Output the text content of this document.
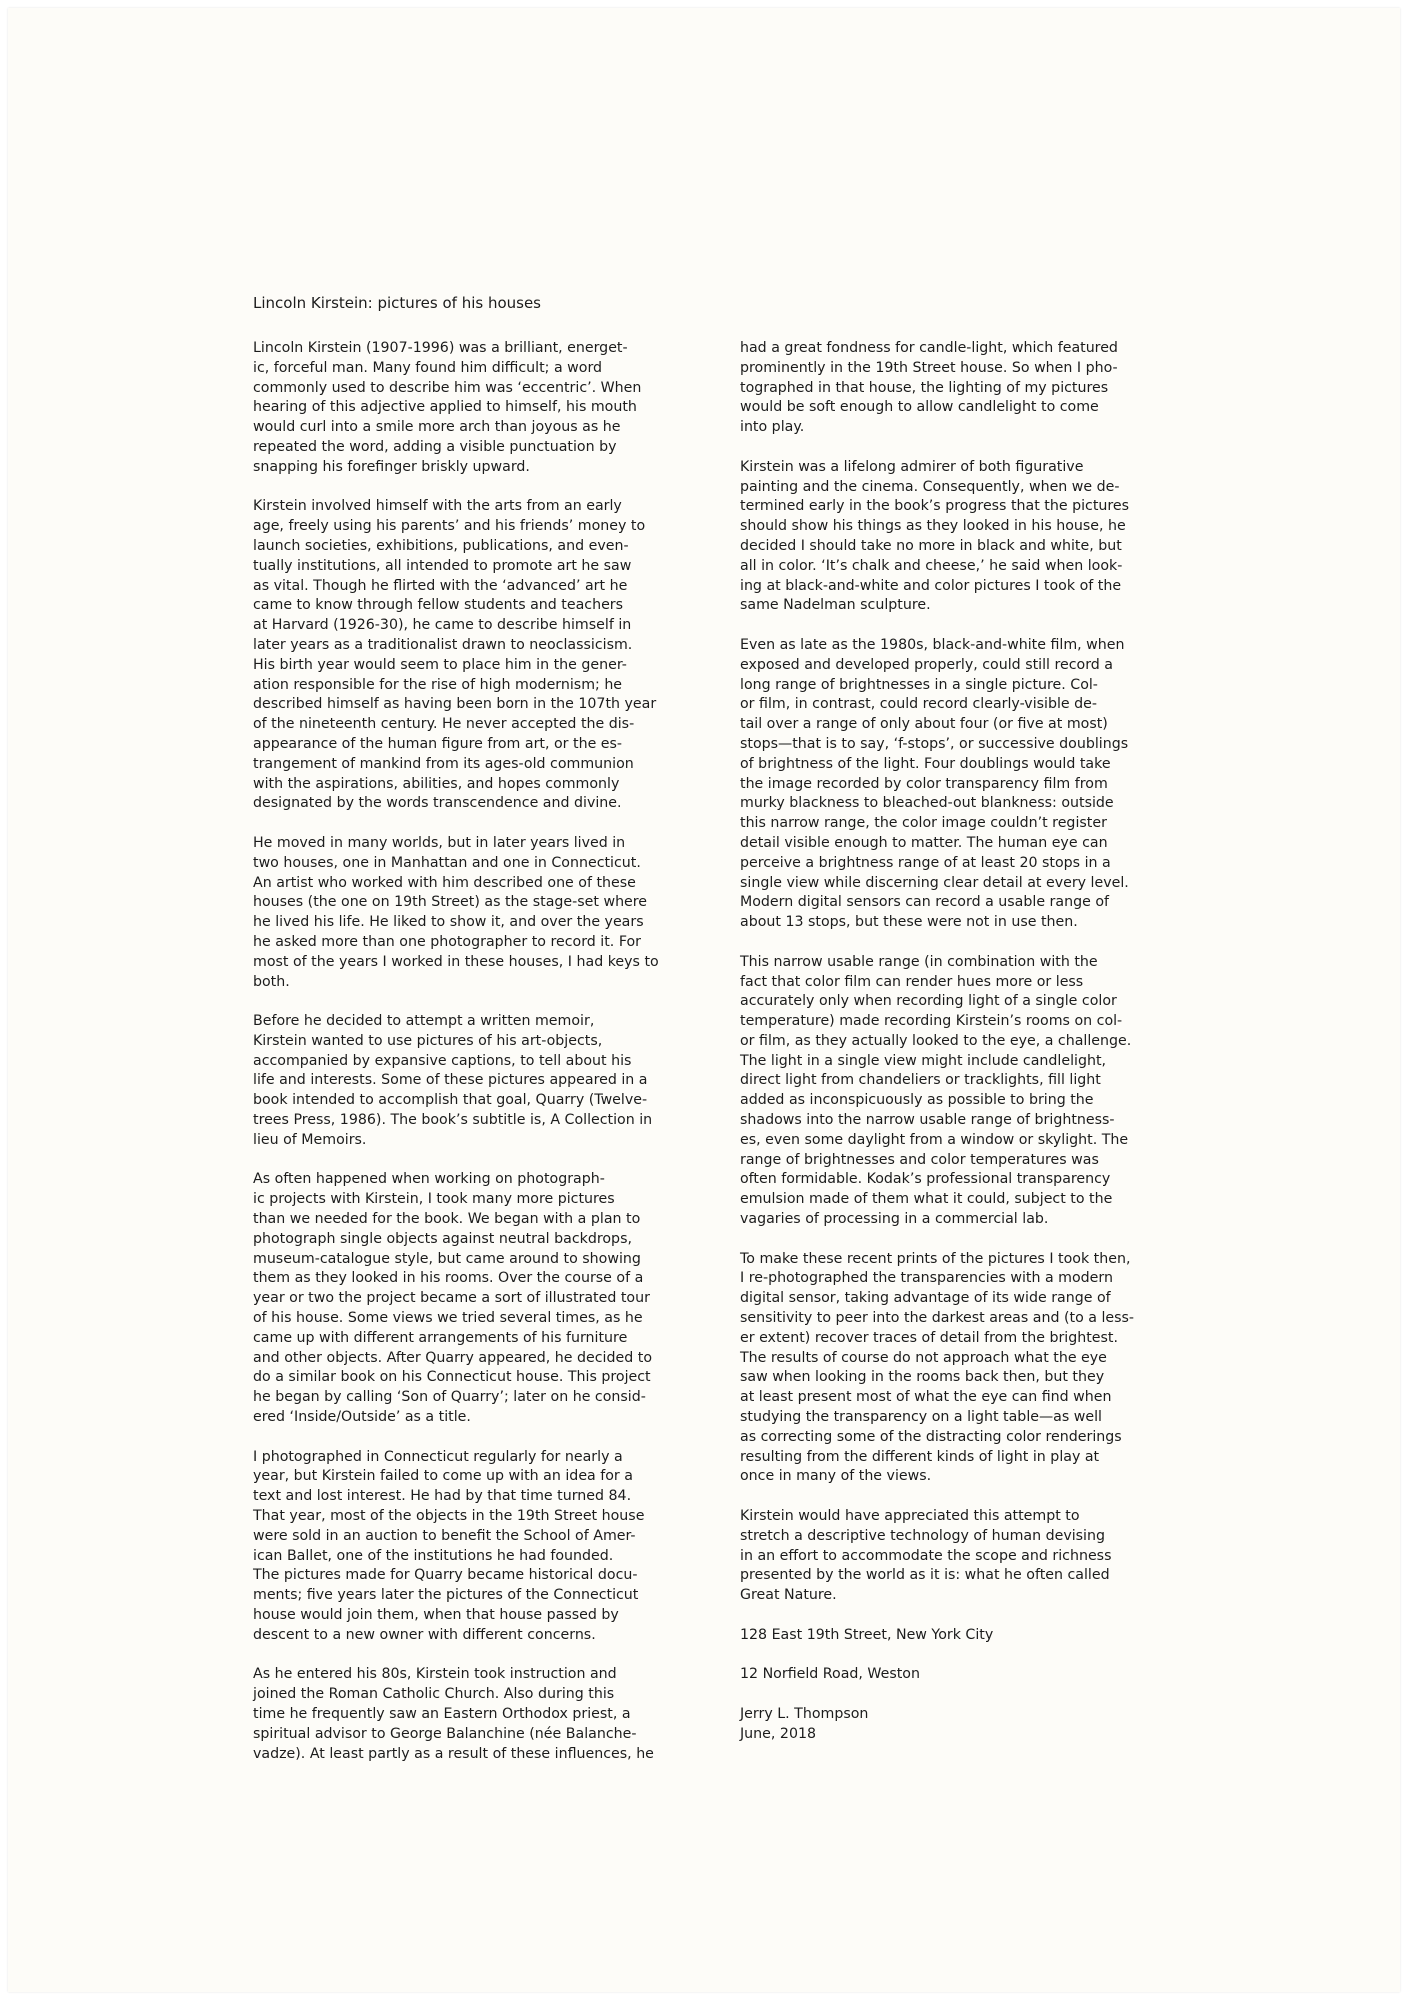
Lincoln Kirstein: pictures of his houses

Lincoln Kirstein (1907-1996) was a brilliant, energet-
ic, forceful man. Many found him difficult; a word
commonly used to describe him was ‘eccentric’. When
hearing of this adjective applied to himself, his mouth
would curl into a smile more arch than joyous as he
repeated the word, adding a visible punctuation by
snapping his forefinger briskly upward.

Kirstein involved himself with the arts from an early
age, freely using his parents’ and his friends’ money to
launch societies, exhibitions, publications, and even-
tually institutions, all intended to promote art he saw
as vital. Though he flirted with the ‘advanced’ art he
came to know through fellow students and teachers
at Harvard (1926-30), he came to describe himself in
later years as a traditionalist drawn to neoclassicism.
His birth year would seem to place him in the gener-
ation responsible for the rise of high modernism; he
described himself as having been born in the 107th year
of the nineteenth century. He never accepted the dis-
appearance of the human figure from art, or the es-
trangement of mankind from its ages-old communion
with the aspirations, abilities, and hopes commonly
designated by the words transcendence and divine.

He moved in many worlds, but in later years lived in
two houses, one in Manhattan and one in Connecticut.
An artist who worked with him described one of these
houses (the one on 19th Street) as the stage-set where
he lived his life. He liked to show it, and over the years
he asked more than one photographer to record it. For
most of the years I worked in these houses, I had keys to
both.

Before he decided to attempt a written memoir,
Kirstein wanted to use pictures of his art-objects,
accompanied by expansive captions, to tell about his
life and interests. Some of these pictures appeared in a
book intended to accomplish that goal, Quarry (Twelve-
trees Press, 1986). The book’s subtitle is, A Collection in
lieu of Memoirs.

As often happened when working on photograph-
ic projects with Kirstein, I took many more pictures
than we needed for the book. We began with a plan to
photograph single objects against neutral backdrops,
museum-catalogue style, but came around to showing
them as they looked in his rooms. Over the course of a
year or two the project became a sort of illustrated tour
of his house. Some views we tried several times, as he
came up with different arrangements of his furniture
and other objects. After Quarry appeared, he decided to
do a similar book on his Connecticut house. This project
he began by calling ‘Son of Quarry’; later on he consid-
ered ‘Inside/Outside’ as a title.

I photographed in Connecticut regularly for nearly a
year, but Kirstein failed to come up with an idea for a
text and lost interest. He had by that time turned 84.
That year, most of the objects in the 19th Street house
were sold in an auction to benefit the School of Amer-
ican Ballet, one of the institutions he had founded.
The pictures made for Quarry became historical docu-
ments; five years later the pictures of the Connecticut
house would join them, when that house passed by
descent to a new owner with different concerns.

As he entered his 80s, Kirstein took instruction and
joined the Roman Catholic Church. Also during this
time he frequently saw an Eastern Orthodox priest, a
spiritual advisor to George Balanchine (née Balanche-
vadze). At least partly as a result of these influences, he

had a great fondness for candle-light, which featured
prominently in the 19th Street house. So when I pho-
tographed in that house, the lighting of my pictures
would be soft enough to allow candlelight to come
into play.

Kirstein was a lifelong admirer of both figurative
painting and the cinema. Consequently, when we de-
termined early in the book’s progress that the pictures
should show his things as they looked in his house, he
decided I should take no more in black and white, but
all in color. ‘It’s chalk and cheese,’ he said when look-
ing at black-and-white and color pictures I took of the
same Nadelman sculpture.

Even as late as the 1980s, black-and-white film, when
exposed and developed properly, could still record a
long range of brightnesses in a single picture. Col-
or film, in contrast, could record clearly-visible de-
tail over a range of only about four (or five at most)
stops—that is to say, ‘f-stops’, or successive doublings
of brightness of the light. Four doublings would take
the image recorded by color transparency film from
murky blackness to bleached-out blankness: outside
this narrow range, the color image couldn’t register
detail visible enough to matter. The human eye can
perceive a brightness range of at least 20 stops in a
single view while discerning clear detail at every level.
Modern digital sensors can record a usable range of
about 13 stops, but these were not in use then.

This narrow usable range (in combination with the
fact that color film can render hues more or less
accurately only when recording light of a single color
temperature) made recording Kirstein’s rooms on col-
or film, as they actually looked to the eye, a challenge.
The light in a single view might include candlelight,
direct light from chandeliers or tracklights, fill light
added as inconspicuously as possible to bring the
shadows into the narrow usable range of brightness-
es, even some daylight from a window or skylight. The
range of brightnesses and color temperatures was
often formidable. Kodak’s professional transparency
emulsion made of them what it could, subject to the
vagaries of processing in a commercial lab.

To make these recent prints of the pictures I took then,
I re-photographed the transparencies with a modern
digital sensor, taking advantage of its wide range of
sensitivity to peer into the darkest areas and (to a less-
er extent) recover traces of detail from the brightest.
The results of course do not approach what the eye
saw when looking in the rooms back then, but they
at least present most of what the eye can find when
studying the transparency on a light table—as well
as correcting some of the distracting color renderings
resulting from the different kinds of light in play at
once in many of the views.

Kirstein would have appreciated this attempt to
stretch a descriptive technology of human devising
in an effort to accommodate the scope and richness
presented by the world as it is: what he often called
Great Nature.

128 East 19th Street, New York City

12 Norfield Road, Weston

Jerry L. Thompson

June, 2018
